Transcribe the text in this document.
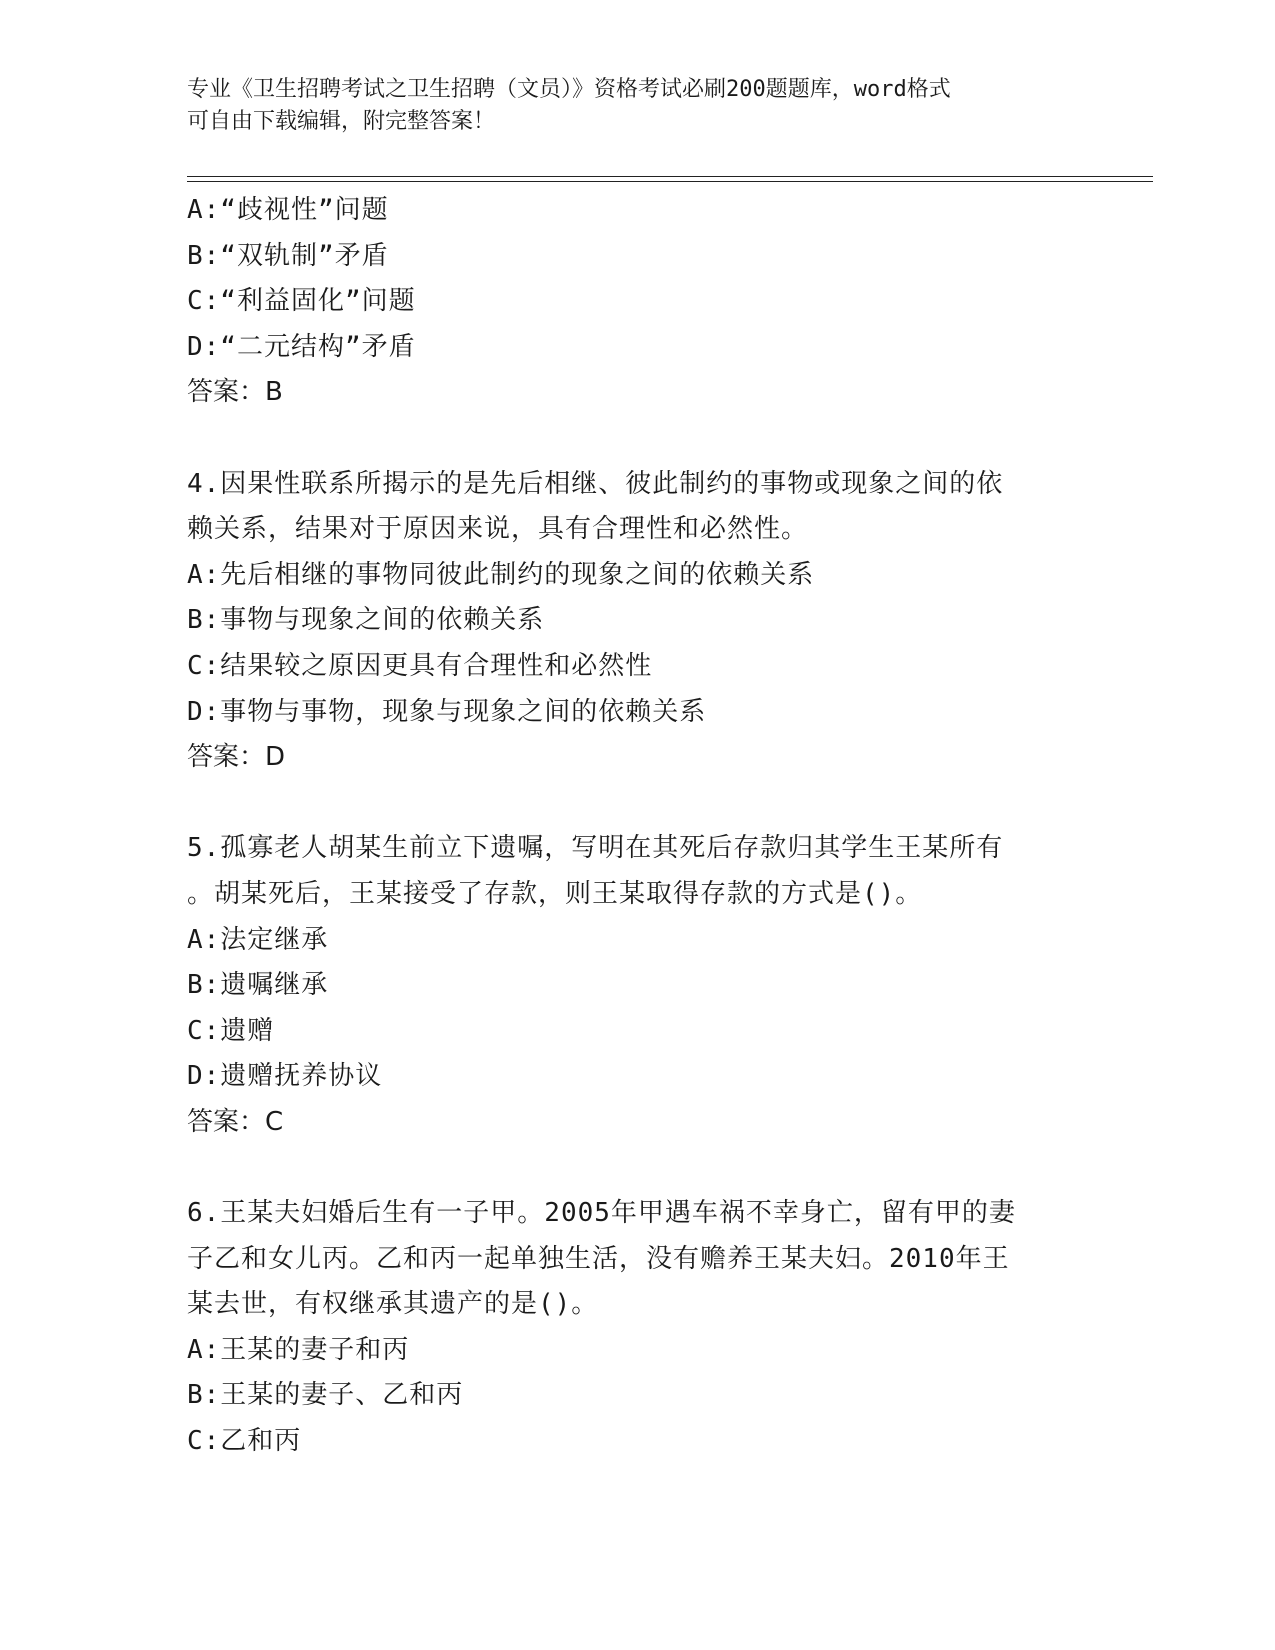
专业《卫生招聘考试之卫生招聘（文员）》资格考试必刷200题题库，word格式
可自由下载编辑，附完整答案！
A:“歧视性”问题
B:“双轨制”矛盾
C:“利益固化”问题
D:“二元结构”矛盾
答案：B
4.因果性联系所揭示的是先后相继、彼此制约的事物或现象之间的依
赖关系，结果对于原因来说，具有合理性和必然性。
A:先后相继的事物同彼此制约的现象之间的依赖关系
B:事物与现象之间的依赖关系
C:结果较之原因更具有合理性和必然性
D:事物与事物，现象与现象之间的依赖关系
答案：D
5.孤寡老人胡某生前立下遗嘱，写明在其死后存款归其学生王某所有
。胡某死后，王某接受了存款，则王某取得存款的方式是()。
A:法定继承
B:遗嘱继承
C:遗赠
D:遗赠抚养协议
答案：C
6.王某夫妇婚后生有一子甲。2005年甲遇车祸不幸身亡，留有甲的妻
子乙和女儿丙。乙和丙一起单独生活，没有赡养王某夫妇。2010年王
某去世，有权继承其遗产的是()。
A:王某的妻子和丙
B:王某的妻子、乙和丙
C:乙和丙
